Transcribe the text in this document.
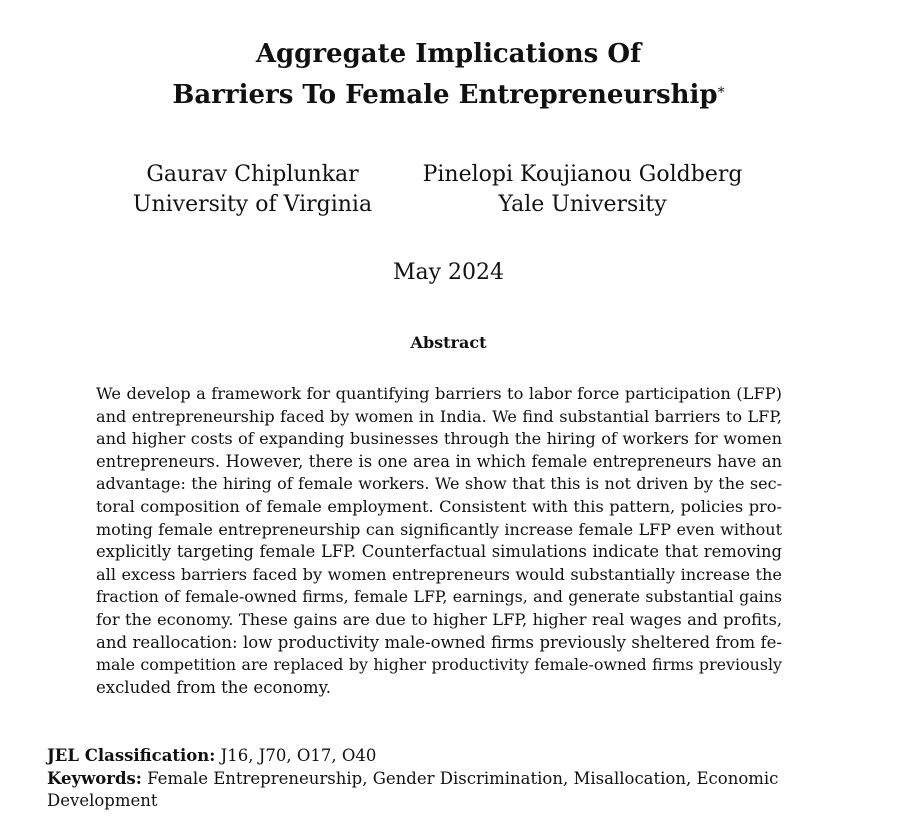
Aggregate Implications Of
Barriers To Female Entrepreneurship*
Gaurav Chiplunkar
University of Virginia
Pinelopi Koujianou Goldberg
Yale University
May 2024
Abstract
We develop a framework for quantifying barriers to labor force participation (LFP)
and entrepreneurship faced by women in India. We find substantial barriers to LFP,
and higher costs of expanding businesses through the hiring of workers for women
entrepreneurs. However, there is one area in which female entrepreneurs have an
advantage: the hiring of female workers. We show that this is not driven by the sec-
toral composition of female employment. Consistent with this pattern, policies pro-
moting female entrepreneurship can significantly increase female LFP even without
explicitly targeting female LFP. Counterfactual simulations indicate that removing
all excess barriers faced by women entrepreneurs would substantially increase the
fraction of female-owned firms, female LFP, earnings, and generate substantial gains
for the economy. These gains are due to higher LFP, higher real wages and profits,
and reallocation: low productivity male-owned firms previously sheltered from fe-
male competition are replaced by higher productivity female-owned firms previously
excluded from the economy.
JEL Classification: J16, J70, O17, O40
Keywords: Female Entrepreneurship, Gender Discrimination, Misallocation, Economic
Development
